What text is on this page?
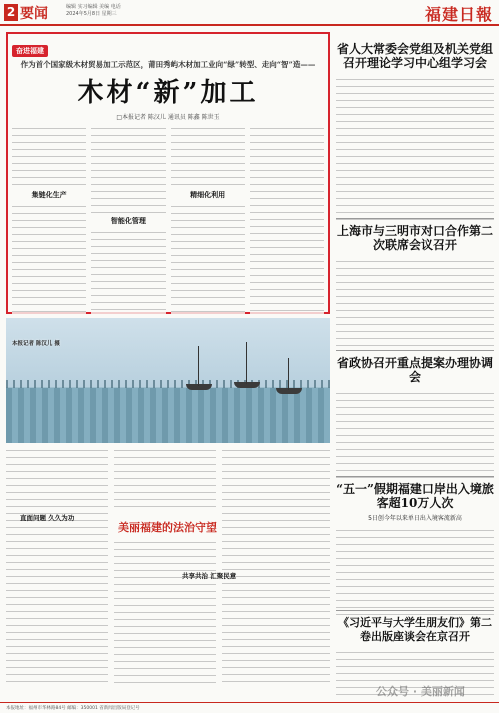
2 要闻	编辑 实习编辑 美编 电话
2024年5月8日 星期三	福建日報
奋进福建
作为首个国家级木材贸易加工示范区，莆田秀屿木材加工业向“绿”转型、走向“智”造——
木材“新”加工
□本报记者 陈汉儿 通讯员 陈鑫 陈世玉
集链化生产
智能化管理
精细化利用
省人大常委会党组及机关党组召开理论学习中心组学习会
上海市与三明市对口合作第二次联席会议召开
省政协召开重点提案办理协调会
“五一”假期福建口岸出入境旅客超10万人次
5日创今年以来单日出入境客流新高
《习近平与大学生朋友们》第二卷出版座谈会在京召开
本报记者 陈汉儿 摄
直面问题 久久为功
美丽福建的法治守望
共享共治 汇聚民意
公众号 · 美丽新闻
本报地址：福州市华林路84号 邮编：350001 省新闻出版局登记号
